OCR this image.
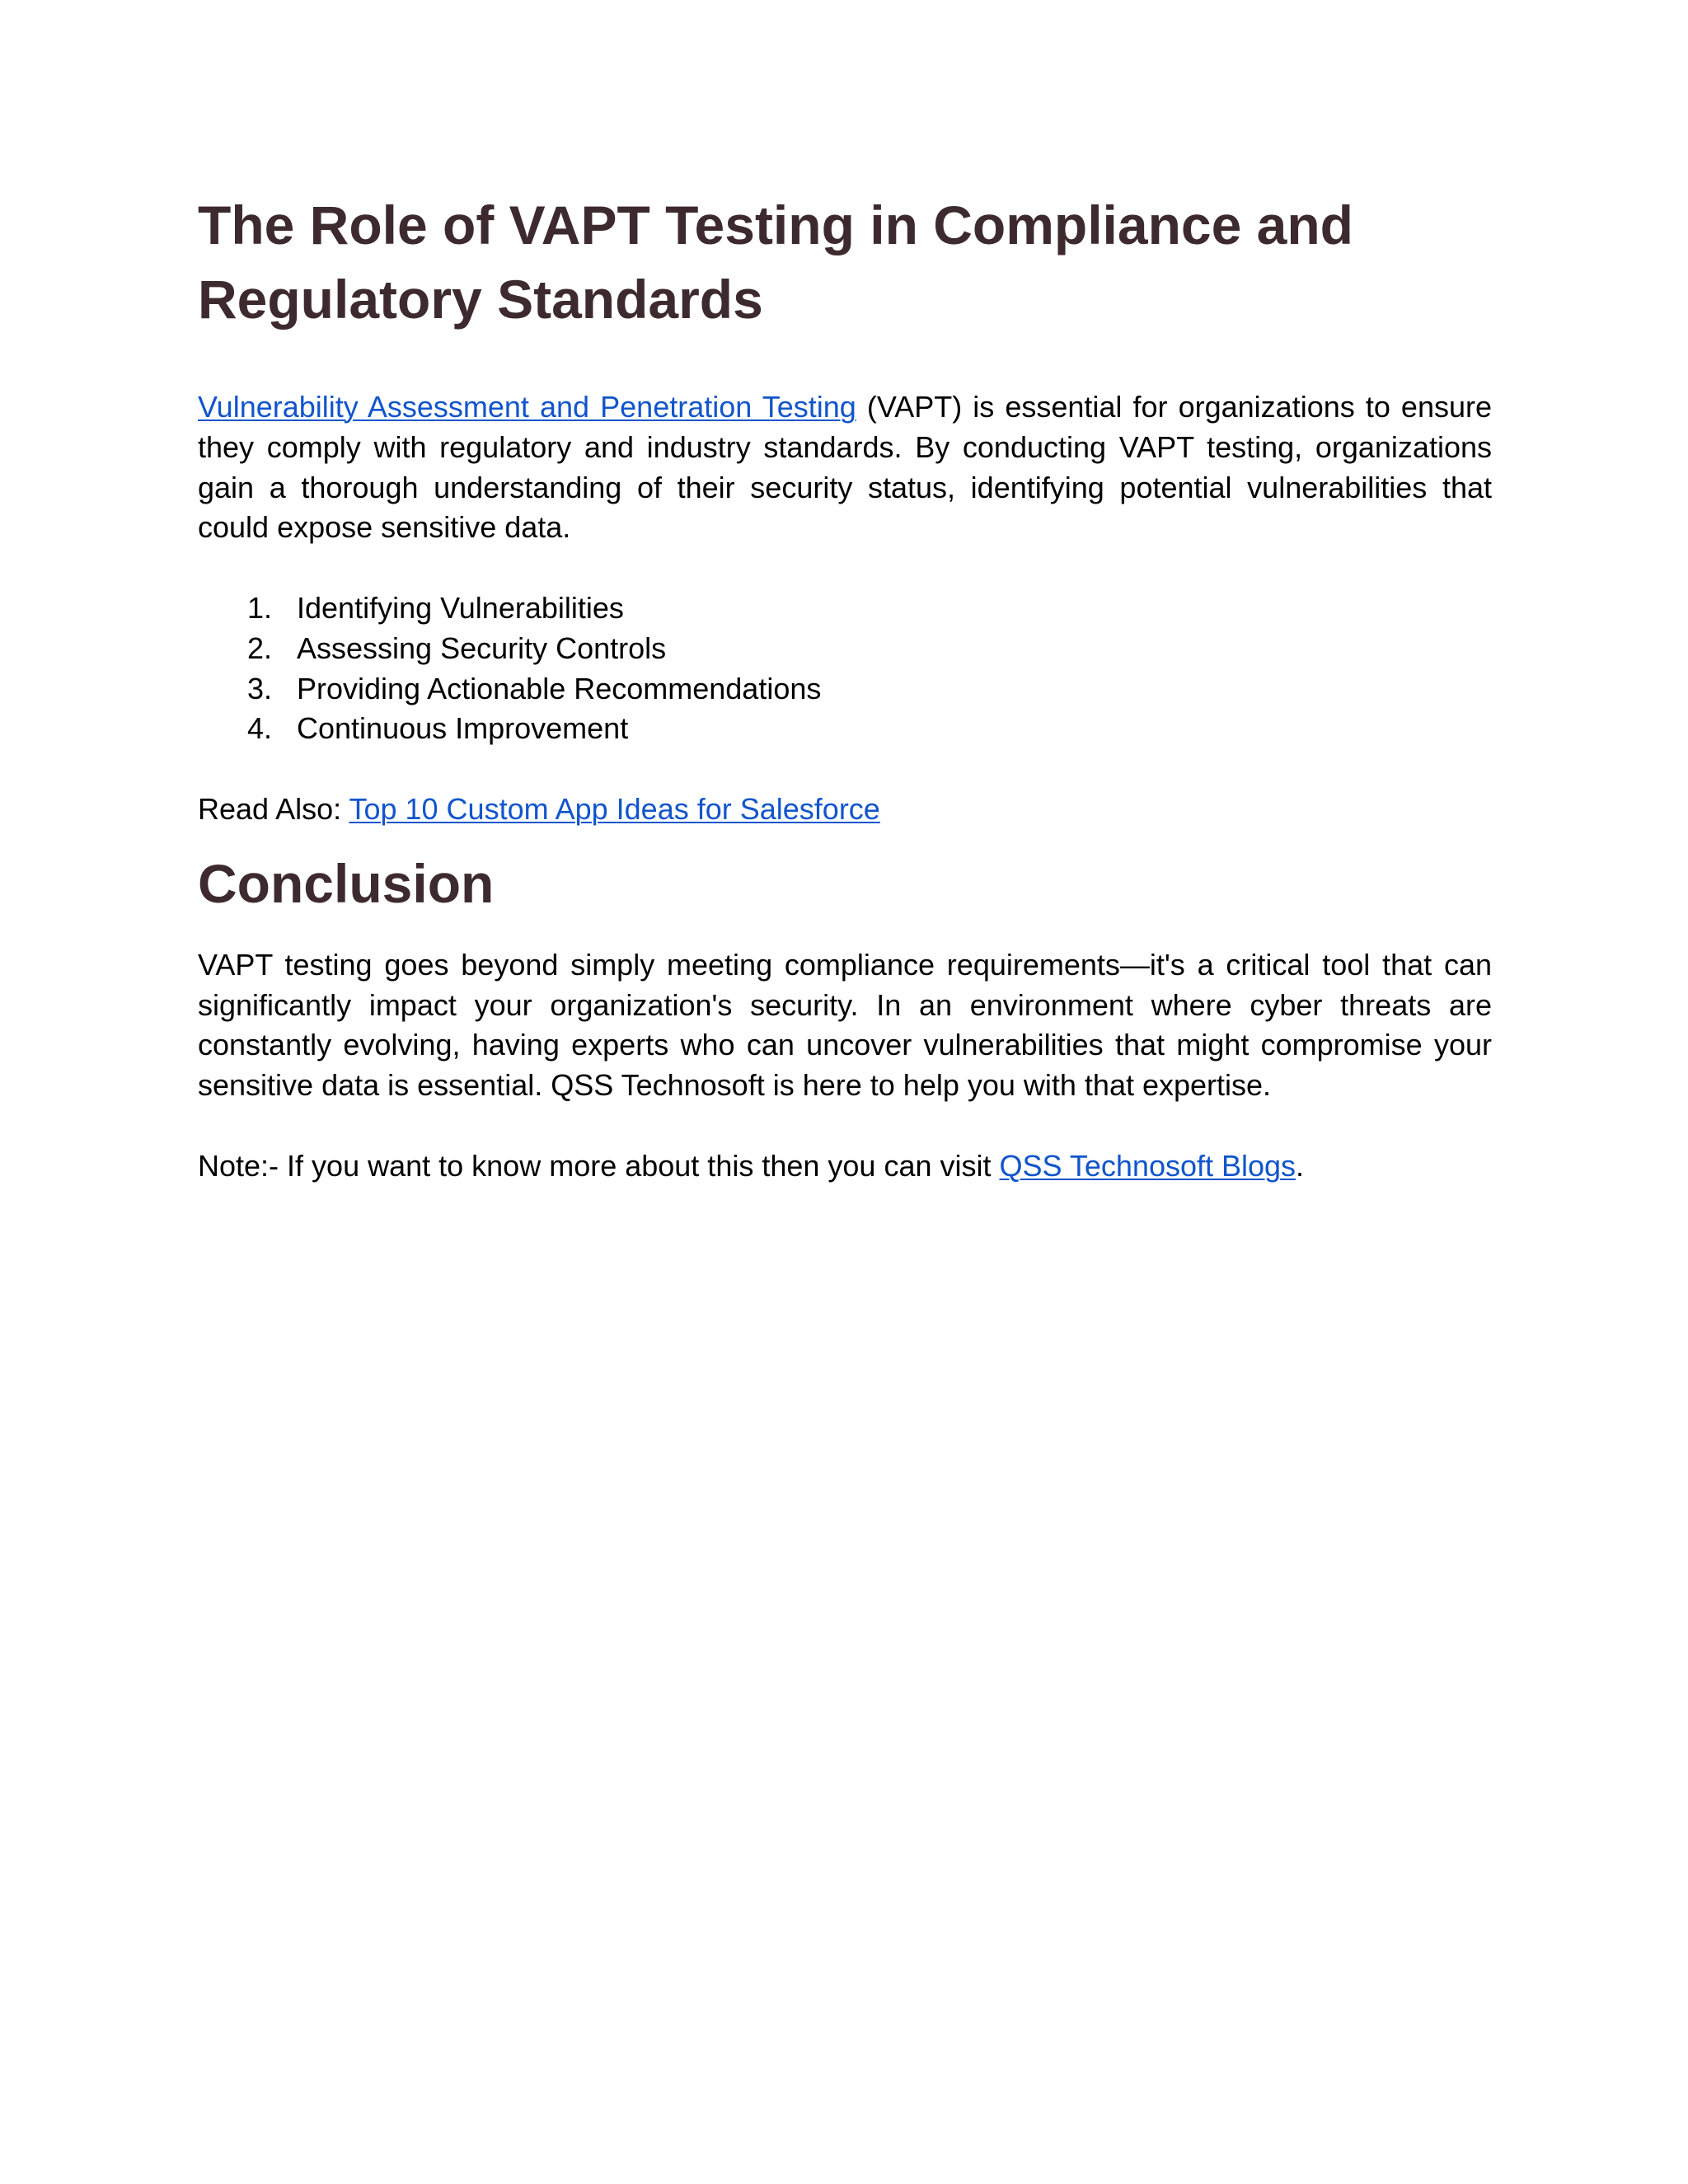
The Role of VAPT Testing in Compliance and Regulatory Standards

Vulnerability Assessment and Penetration Testing (VAPT) is essential for organizations to ensure they comply with regulatory and industry standards. By conducting VAPT testing, organizations gain a thorough understanding of their security status, identifying potential vulnerabilities that could expose sensitive data.

1. Identifying Vulnerabilities
2. Assessing Security Controls
3. Providing Actionable Recommendations
4. Continuous Improvement

Read Also: Top 10 Custom App Ideas for Salesforce

Conclusion

VAPT testing goes beyond simply meeting compliance requirements—it's a critical tool that can significantly impact your organization's security. In an environment where cyber threats are constantly evolving, having experts who can uncover vulnerabilities that might compromise your sensitive data is essential. QSS Technosoft is here to help you with that expertise.

Note:- If you want to know more about this then you can visit QSS Technosoft Blogs.
